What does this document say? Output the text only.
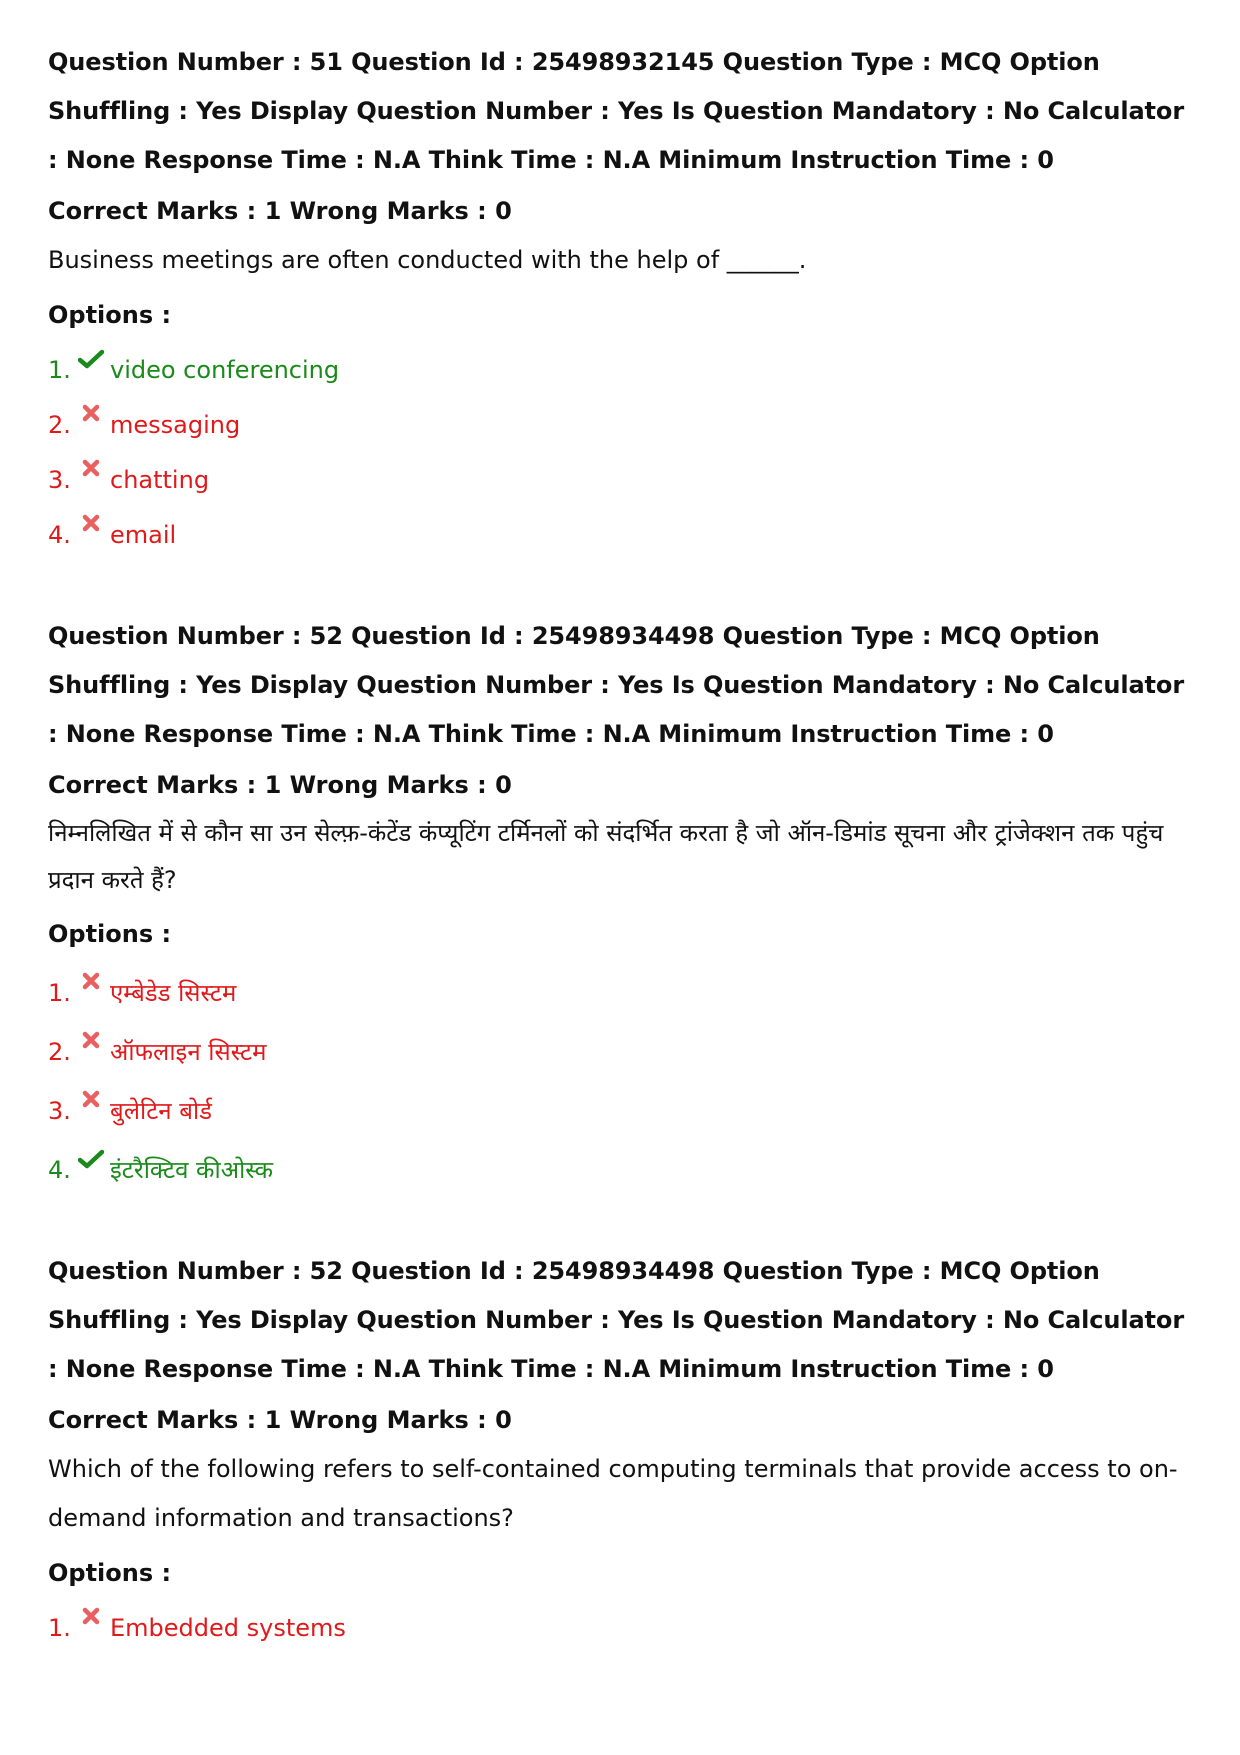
Question Number : 51 Question Id : 25498932145 Question Type : MCQ Option Shuffling : Yes Display Question Number : Yes Is Question Mandatory : No Calculator : None Response Time : N.A Think Time : N.A Minimum Instruction Time : 0

Correct Marks : 1 Wrong Marks : 0

Business meetings are often conducted with the help of ______.

Options :

1. video conferencing
2. messaging
3. chatting
4. email

Question Number : 52 Question Id : 25498934498 Question Type : MCQ Option Shuffling : Yes Display Question Number : Yes Is Question Mandatory : No Calculator : None Response Time : N.A Think Time : N.A Minimum Instruction Time : 0

Correct Marks : 1 Wrong Marks : 0

निम्नलिखित में से कौन सा उन सेल्फ़-कंटेंड कंप्यूटिंग टर्मिनलों को संदर्भित करता है जो ऑन-डिमांड सूचना और ट्रांजेक्शन तक पहुंच प्रदान करते हैं?

Options :

1. एम्बेडेड सिस्टम
2. ऑफलाइन सिस्टम
3. बुलेटिन बोर्ड
4. इंटरैक्टिव कीओस्क

Question Number : 52 Question Id : 25498934498 Question Type : MCQ Option Shuffling : Yes Display Question Number : Yes Is Question Mandatory : No Calculator : None Response Time : N.A Think Time : N.A Minimum Instruction Time : 0

Correct Marks : 1 Wrong Marks : 0

Which of the following refers to self-contained computing terminals that provide access to on-demand information and transactions?

Options :

1. Embedded systems
